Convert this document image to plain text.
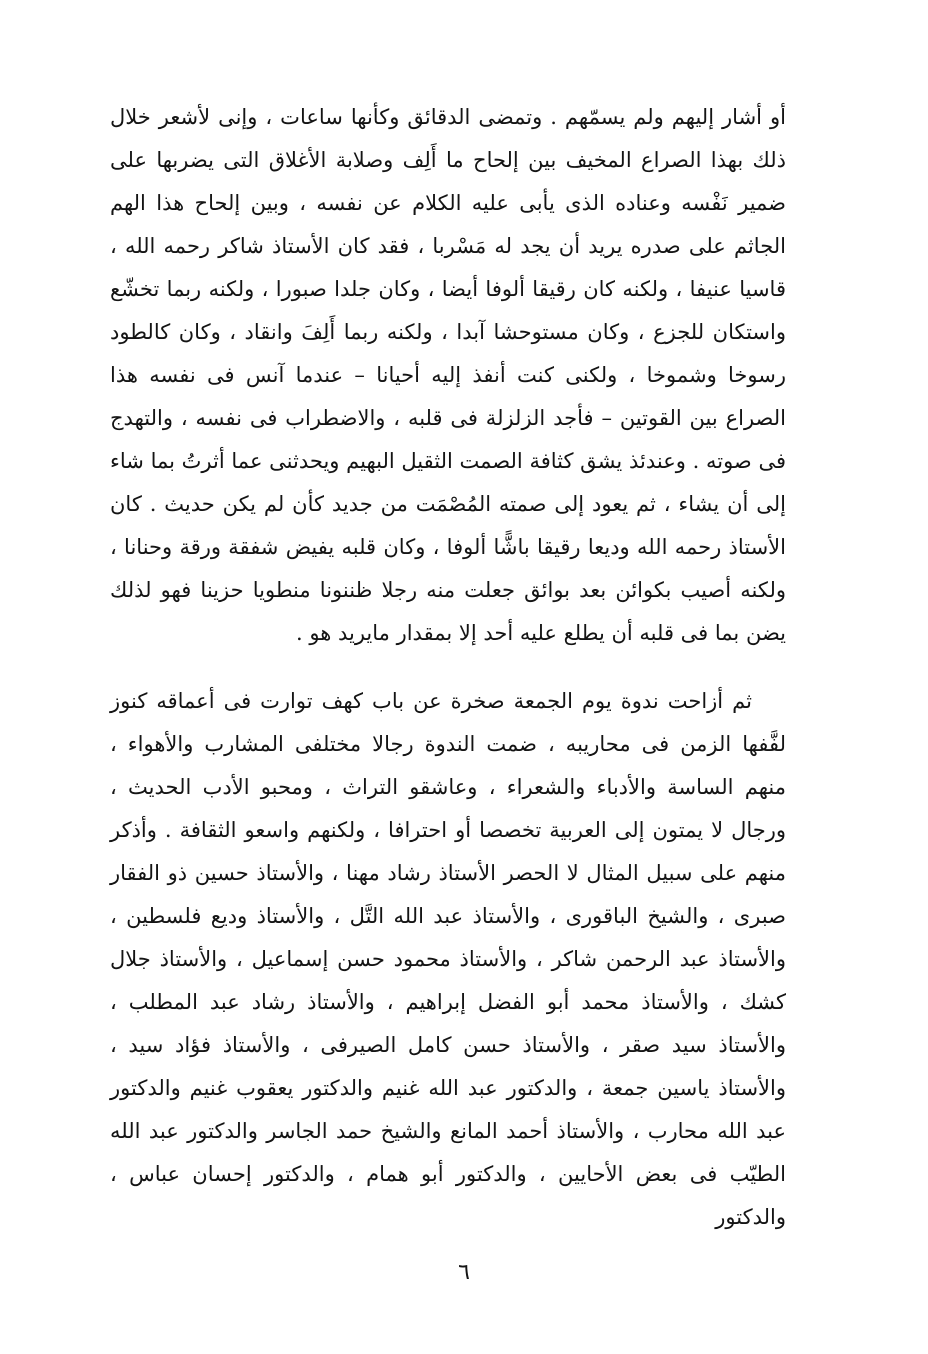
أو أشار إليهم ولم يسمّهم . وتمضى الدقائق وكأنها ساعات ، وإنى لأشعر خلال ذلك بهذا الصراع المخيف بين إلحاح ما أَلِف وصلابة الأغلاق التى يضربها على ضمير نَفْسه وعناده الذى يأبى عليه الكلام عن نفسه ، وبين إلحاح هذا الهم الجاثم على صدره يريد أن يجد له مَسْربا ، فقد كان الأستاذ شاكر رحمه الله ، قاسيا عنيفا ، ولكنه كان رقيقا ألوفا أيضا ، وكان جلدا صبورا ، ولكنه ربما تخشّع واستكان للجزع ، وكان مستوحشا آبدا ، ولكنه ربما أَلِفَ وانقاد ، وكان كالطود رسوخا وشموخا ، ولكنى كنت أنفذ إليه أحيانا – عندما آنس فى نفسه هذا الصراع بين القوتين – فأجد الزلزلة فى قلبه ، والاضطراب فى نفسه ، والتهدج فى صوته . وعندئذ يشق كثافة الصمت الثقيل البهيم ويحدثنى عما أثرتُ بما شاء إلى أن يشاء ، ثم يعود إلى صمته المُصْمَت من جديد كأن لم يكن حديث . كان الأستاذ رحمه الله وديعا رقيقا باشًّا ألوفا ، وكان قلبه يفيض شفقة ورقة وحنانا ، ولكنه أصيب بكوائن بعد بوائق جعلت منه رجلا ظننونا منطويا حزينا فهو لذلك يضن بما فى قلبه أن يطلع عليه أحد إلا بمقدار مايريد هو .

ثم أزاحت ندوة يوم الجمعة صخرة عن باب كهف توارت فى أعماقه كنوز لفَّفها الزمن فى محاريبه ، ضمت الندوة رجالا مختلفى المشارب والأهواء ، منهم الساسة والأدباء والشعراء ، وعاشقو التراث ، ومحبو الأدب الحديث ، ورجال لا يمتون إلى العربية تخصصا أو احترافا ، ولكنهم واسعو الثقافة . وأذكر منهم على سبيل المثال لا الحصر الأستاذ رشاد مهنا ، والأستاذ حسين ذو الفقار صبرى ، والشيخ الباقورى ، والأستاذ عبد الله التَّل ، والأستاذ وديع فلسطين ، والأستاذ عبد الرحمن شاكر ، والأستاذ محمود حسن إسماعيل ، والأستاذ جلال كشك ، والأستاذ محمد أبو الفضل إبراهيم ، والأستاذ رشاد عبد المطلب ، والأستاذ سيد صقر ، والأستاذ حسن كامل الصيرفى ، والأستاذ فؤاد سيد ، والأستاذ ياسين جمعة ، والدكتور عبد الله غنيم والدكتور يعقوب غنيم والدكتور عبد الله محارب ، والأستاذ أحمد المانع والشيخ حمد الجاسر والدكتور عبد الله الطيّب فى بعض الأحايين ، والدكتور أبو همام ، والدكتور إحسان عباس ، والدكتور

٦
